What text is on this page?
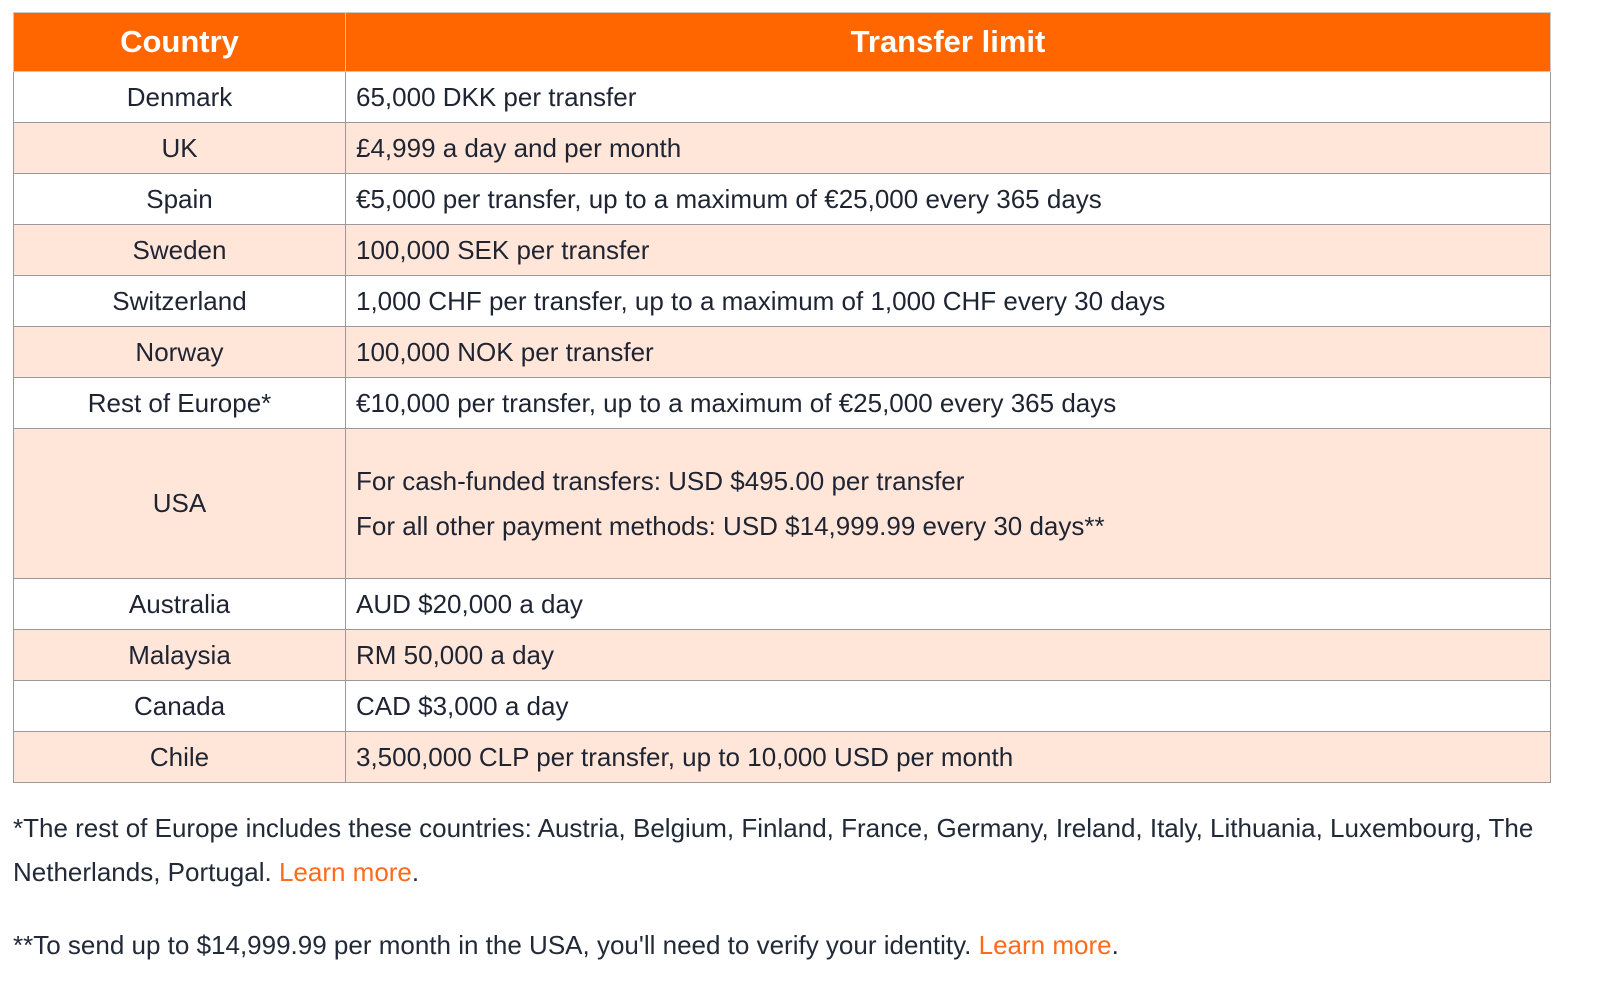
Country	Transfer limit
Denmark	65,000 DKK per transfer
UK	£4,999 a day and per month
Spain	€5,000 per transfer, up to a maximum of €25,000 every 365 days
Sweden	100,000 SEK per transfer
Switzerland	1,000 CHF per transfer, up to a maximum of 1,000 CHF every 30 days
Norway	100,000 NOK per transfer
Rest of Europe*	€10,000 per transfer, up to a maximum of €25,000 every 365 days
USA	For cash-funded transfers: USD $495.00 per transfer
For all other payment methods: USD $14,999.99 every 30 days**

Australia	AUD $20,000 a day
Malaysia	RM 50,000 a day
Canada	CAD $3,000 a day
Chile	3,500,000 CLP per transfer, up to 10,000 USD per month

*The rest of Europe includes these countries: Austria, Belgium, Finland, France, Germany, Ireland, Italy, Lithuania, Luxembourg, The Netherlands, Portugal. Learn more.

**To send up to $14,999.99 per month in the USA, you'll need to verify your identity. Learn more.
